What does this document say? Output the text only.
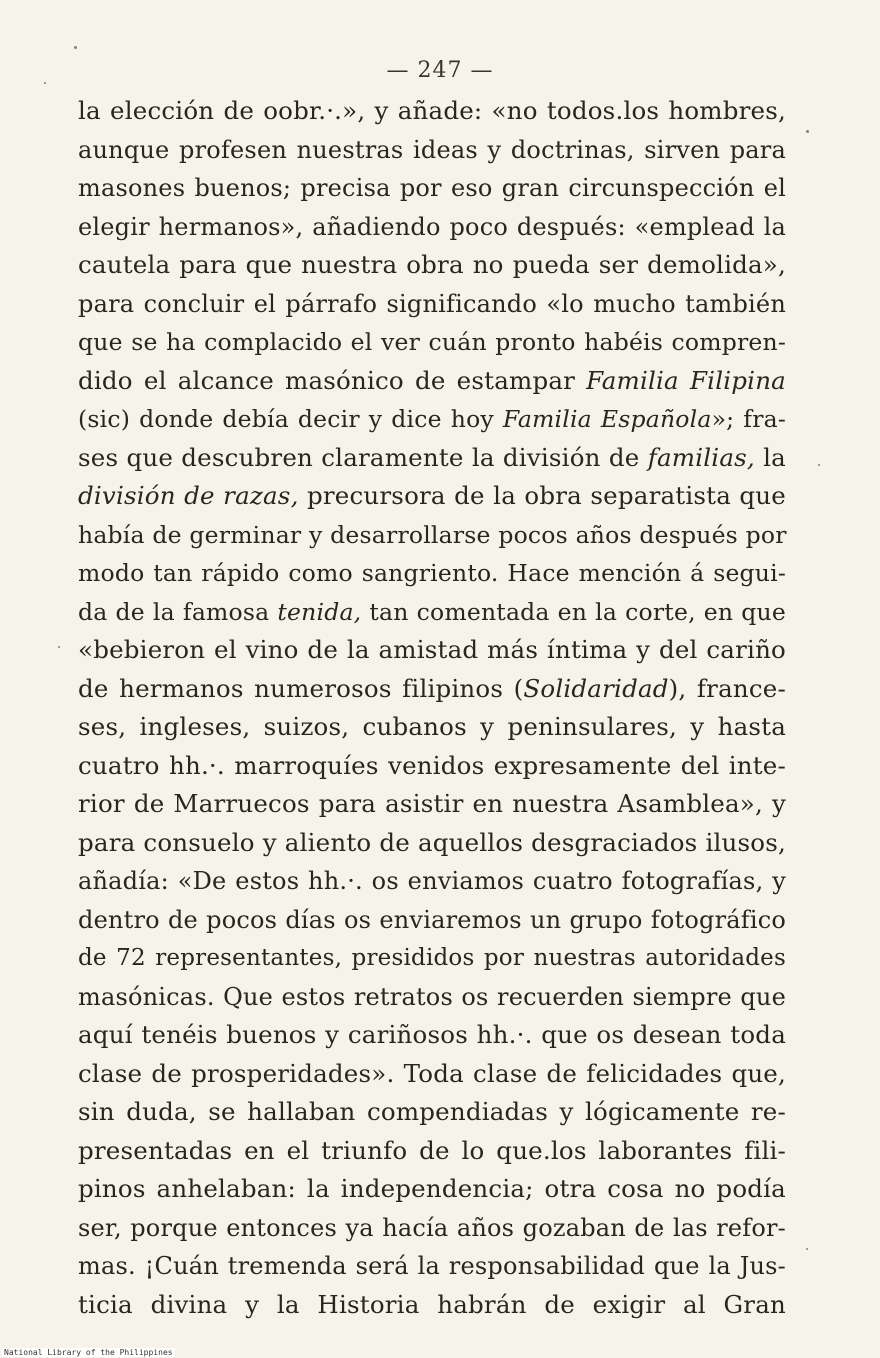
— 247 —
la elección de oobr.·.», y añade: «no todos.los hombres,
aunque profesen nuestras ideas y doctrinas, sirven para
masones buenos; precisa por eso gran circunspección el
elegir hermanos», añadiendo poco después: «emplead la
cautela para que nuestra obra no pueda ser demolida»,
para concluir el párrafo significando «lo mucho también
que se ha complacido el ver cuán pronto habéis compren-
dido el alcance masónico de estampar Familia Filipina
(sic) donde debía decir y dice hoy Familia Española»; fra-
ses que descubren claramente la división de familias, la
división de razas, precursora de la obra separatista que
había de germinar y desarrollarse pocos años después por
modo tan rápido como sangriento. Hace mención á segui-
da de la famosa tenida, tan comentada en la corte, en que
«bebieron el vino de la amistad más íntima y del cariño
de hermanos numerosos filipinos (Solidaridad), france-
ses, ingleses, suizos, cubanos y peninsulares, y hasta
cuatro hh.·. marroquíes venidos expresamente del inte-
rior de Marruecos para asistir en nuestra Asamblea», y
para consuelo y aliento de aquellos desgraciados ilusos,
añadía: «De estos hh.·. os enviamos cuatro fotografías, y
dentro de pocos días os enviaremos un grupo fotográfico
de 72 representantes, presididos por nuestras autoridades
masónicas. Que estos retratos os recuerden siempre que
aquí tenéis buenos y cariñosos hh.·. que os desean toda
clase de prosperidades». Toda clase de felicidades que,
sin duda, se hallaban compendiadas y lógicamente re-
presentadas en el triunfo de lo que.los laborantes fili-
pinos anhelaban: la independencia; otra cosa no podía
ser, porque entonces ya hacía años gozaban de las refor-
mas. ¡Cuán tremenda será la responsabilidad que la Jus-
ticia divina y la Historia habrán de exigir al Gran
National Library of the Philippines
